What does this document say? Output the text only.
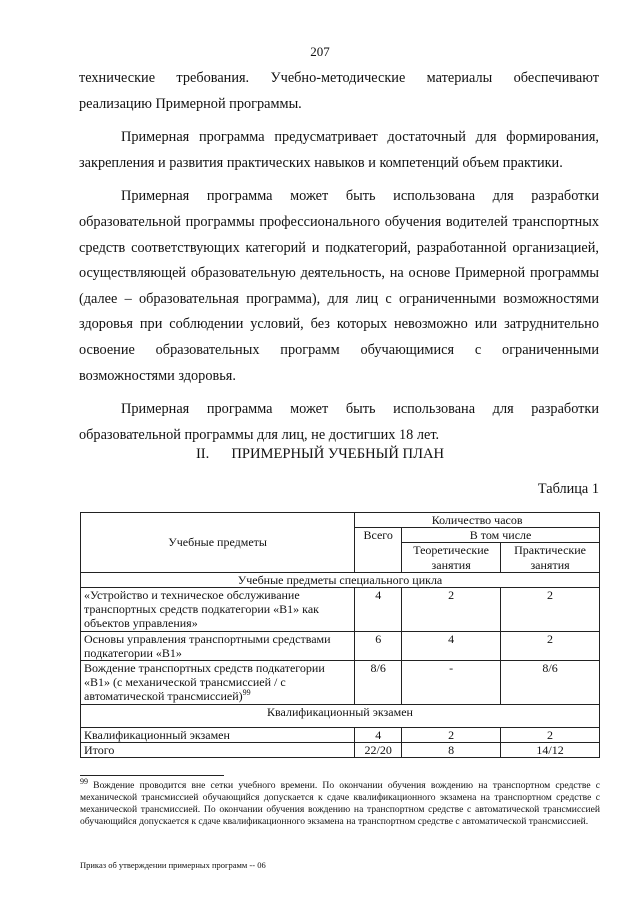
207

технические требования. Учебно-методические материалы обеспечивают реализацию Примерной программы.

Примерная программа предусматривает достаточный для формирования, закрепления и развития практических навыков и компетенций объем практики.

Примерная программа может быть использована для разработки образовательной программы профессионального обучения водителей транспортных средств соответствующих категорий и подкатегорий, разработанной организацией, осуществляющей образовательную деятельность, на основе Примерной программы (далее – образовательная программа), для лиц с ограниченными возможностями здоровья при соблюдении условий, без которых невозможно или затруднительно освоение образовательных программ обучающимися с ограниченными возможностями здоровья.

Примерная программа может быть использована для разработки образовательной программы для лиц, не достигших 18 лет.

II. ПРИМЕРНЫЙ УЧЕБНЫЙ ПЛАН
Таблица 1
Учебные предметы	Количество часов		
	Всего	В том числе	
		Теоретические занятия	Практические занятия
Учебные предметы специального цикла			
«Устройство и техническое обслуживание транспортных средств подкатегории «В1» как объектов управления»	4	2	2
Основы управления транспортными средствами подкатегории «В1»	6	4	2
Вождение транспортных средств подкатегории «В1» (с механической трансмиссией / с автоматической трансмиссией)$^{99}$	8/6	-	8/6
Квалификационный экзамен			
Квалификационный экзамен	4	2	2
Итого	22/20	8	14/12
$^{99}$ Вождение проводится вне сетки учебного времени. По окончании обучения вождению на транспортном средстве с механической трансмиссией обучающийся допускается к сдаче квалификационного экзамена на транспортном средстве с механической трансмиссией. По окончании обучения вождению на транспортном средстве с автоматической трансмиссией обучающийся допускается к сдаче квалификационного экзамена на транспортном средстве с автоматической трансмиссией.
Приказ об утверждении примерных программ -- 06
